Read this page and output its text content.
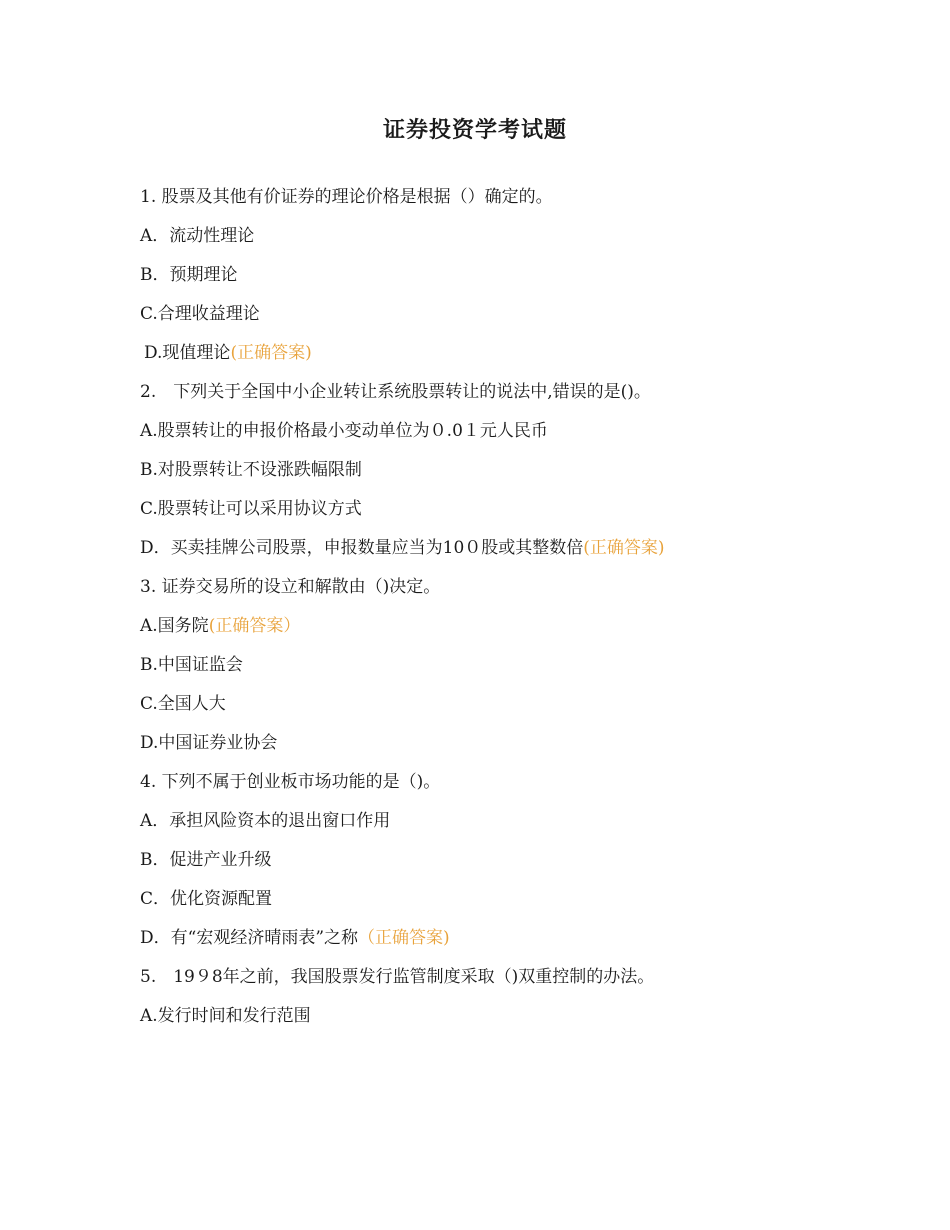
证券投资学考试题

1. 股票及其他有价证券的理论价格是根据（）确定的。

A．流动性理论

B．预期理论

C.合理收益理论

D.现值理论(正确答案)

2.　下列关于全国中小企业转让系统股票转让的说法中,错误的是()。

A.股票转让的申报价格最小变动单位为０.0１元人民币

B.对股票转让不设涨跌幅限制

C.股票转让可以采用协议方式

D．买卖挂牌公司股票，申报数量应当为10０股或其整数倍(正确答案)

3. 证券交易所的设立和解散由（)决定。

A.国务院(正确答案）

B.中国证监会

C.全国人大

D.中国证券业协会

4. 下列不属于创业板市场功能的是（)。

A．承担风险资本的退出窗口作用

B．促进产业升级

C．优化资源配置

D．有“宏观经济晴雨表”之称（正确答案)

5.　19９8年之前，我国股票发行监管制度采取（)双重控制的办法。

A.发行时间和发行范围
